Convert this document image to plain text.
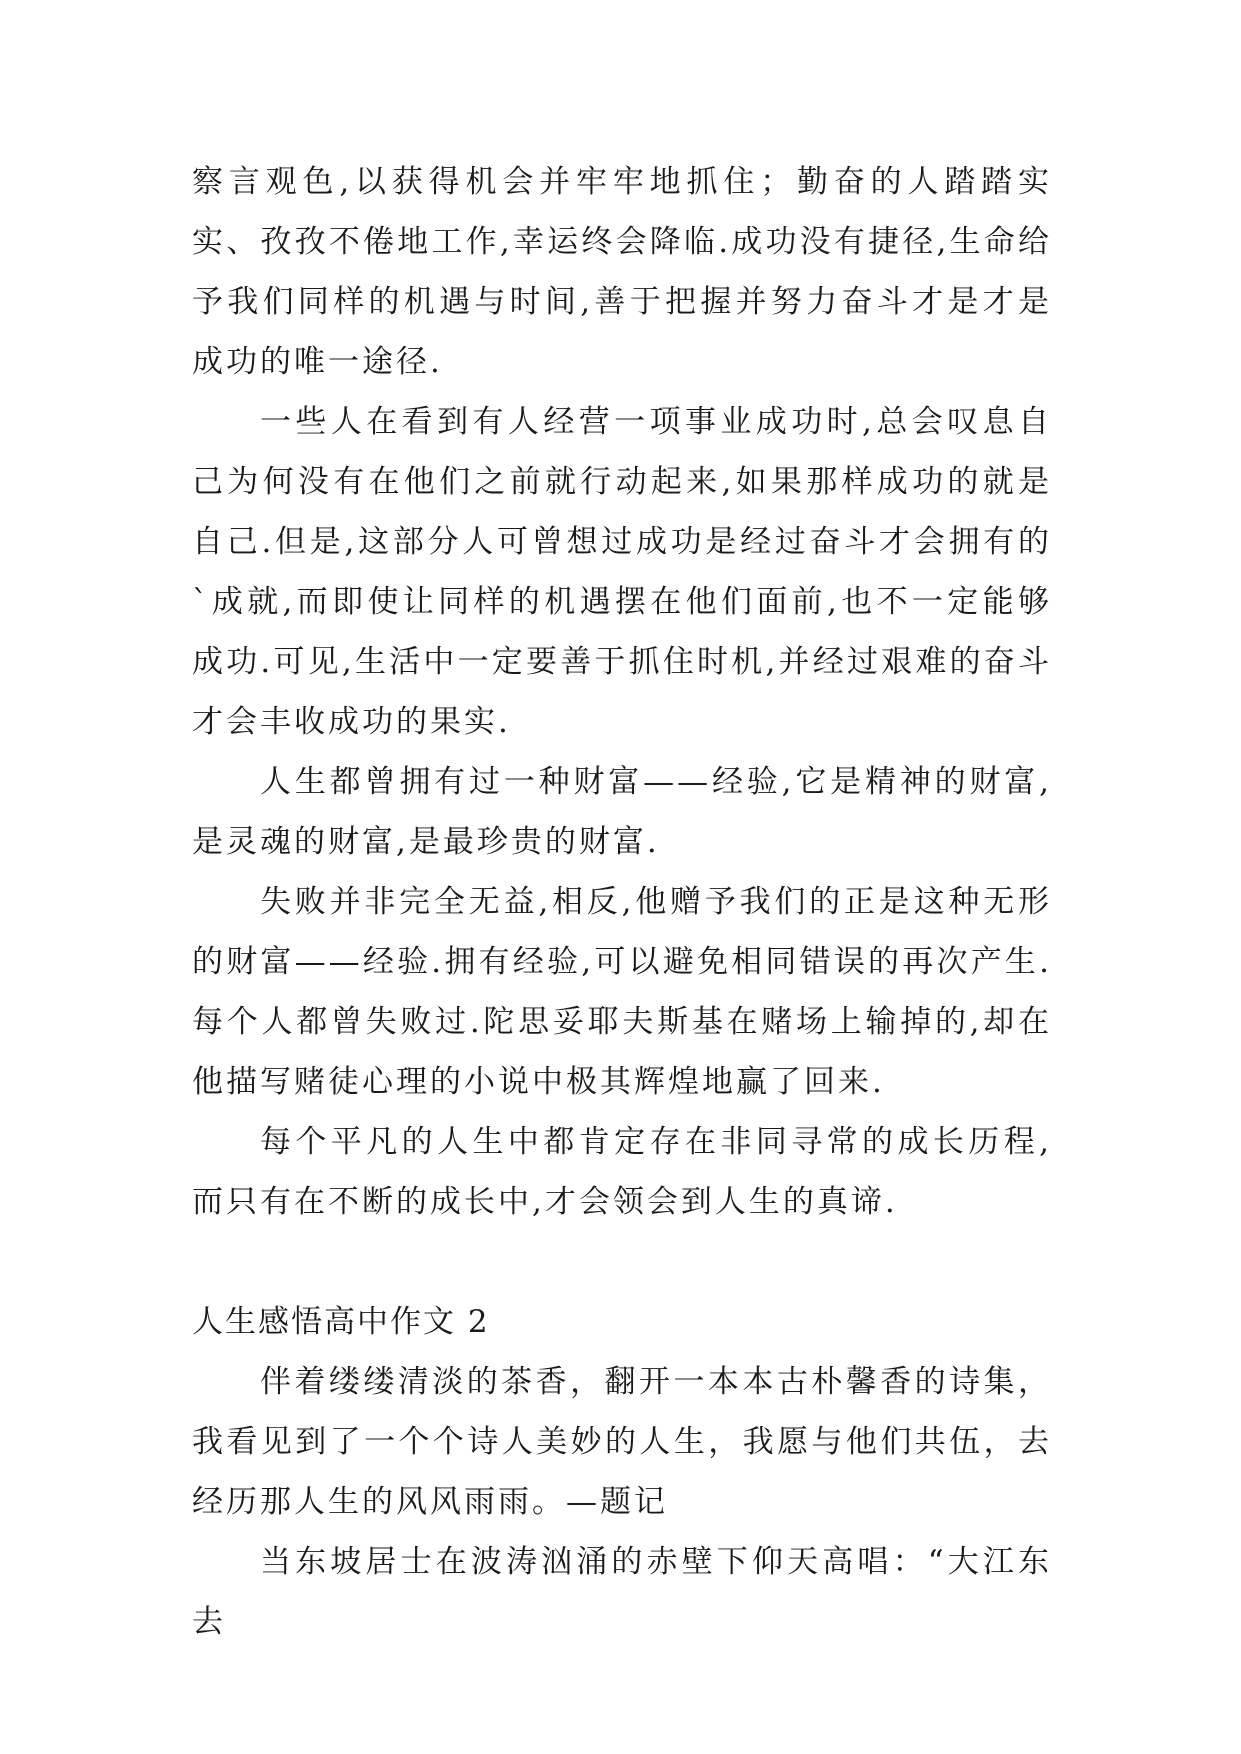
察言观色,以获得机会并牢牢地抓住；勤奋的人踏踏实实、孜孜不倦地工作,幸运终会降临.成功没有捷径,生命给予我们同样的机遇与时间,善于把握并努力奋斗才是才是成功的唯一途径.

一些人在看到有人经营一项事业成功时,总会叹息自己为何没有在他们之前就行动起来,如果那样成功的就是自己.但是,这部分人可曾想过成功是经过奋斗才会拥有的`成就,而即使让同样的机遇摆在他们面前,也不一定能够成功.可见,生活中一定要善于抓住时机,并经过艰难的奋斗才会丰收成功的果实.

人生都曾拥有过一种财富——经验,它是精神的财富,是灵魂的财富,是最珍贵的财富.

失败并非完全无益,相反,他赠予我们的正是这种无形的财富——经验.拥有经验,可以避免相同错误的再次产生.每个人都曾失败过.陀思妥耶夫斯基在赌场上输掉的,却在他描写赌徒心理的小说中极其辉煌地赢了回来.

每个平凡的人生中都肯定存在非同寻常的成长历程,而只有在不断的成长中,才会领会到人生的真谛.

人生感悟高中作文 2

伴着缕缕清淡的茶香，翻开一本本古朴馨香的诗集，我看见到了一个个诗人美妙的人生，我愿与他们共伍，去经历那人生的风风雨雨。—题记

当东坡居士在波涛汹涌的赤壁下仰天高唱：“大江东去
